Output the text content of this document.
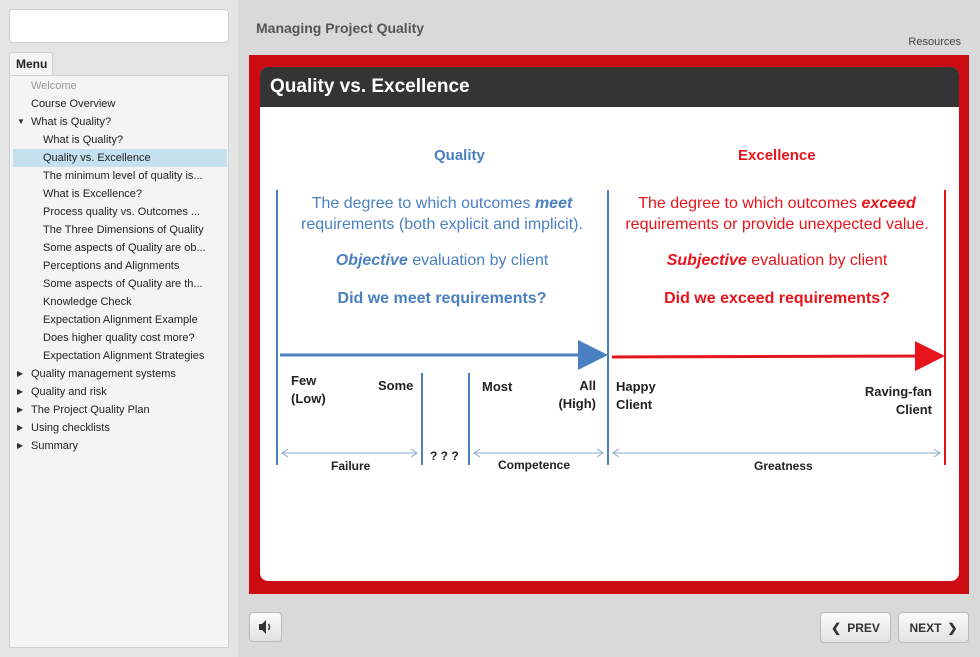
Menu
Welcome
Course Overview
▼ What is Quality?
What is Quality?
Quality vs. Excellence
The minimum level of quality is...
What is Excellence?
Process quality vs. Outcomes ...
The Three Dimensions of Quality
Some aspects of Quality are ob...
Perceptions and Alignments
Some aspects of Quality are th...
Knowledge Check
Expectation Alignment Example
Does higher quality cost more?
Expectation Alignment Strategies
▶ Quality management systems
▶ Quality and risk
▶ The Project Quality Plan
▶ Using checklists
▶ Summary
Managing Project Quality
Resources
Quality vs. Excellence
Quality	Excellence
The degree to which outcomes meet
requirements (both explicit and implicit).
Objective evaluation by client
Did we meet requirements?
The degree to which outcomes exceed
requirements or provide unexpected value.
Subjective evaluation by client
Did we exceed requirements?
Few
(Low)
Some	Most	All
(High)
Happy
Client
Raving-fan
Client
Failure
? ? ?
Competence	Greatness
❮ PREV NEXT ❯
